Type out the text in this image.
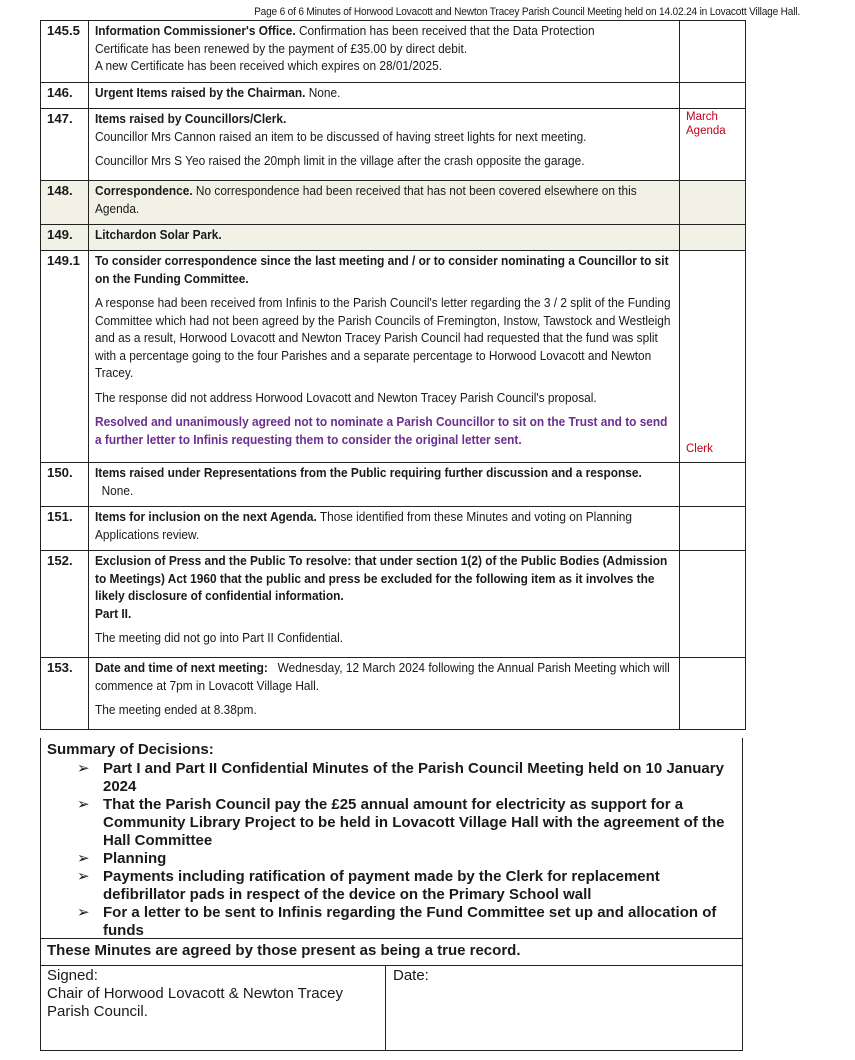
Page 6 of 6 Minutes of Horwood Lovacott and Newton Tracey Parish Council Meeting held on 14.02.24 in Lovacott Village Hall.
145.5	Information Commissioner's Office. Confirmation has been received that the Data Protection
Certificate has been renewed by the payment of £35.00 by direct debit.
A new Certificate has been received which expires on 28/01/2025.	
146.	Urgent Items raised by the Chairman. None.	
147.	Items raised by Councillors/Clerk.

Councillor Mrs Cannon raised an item to be discussed of having street lights for next meeting.

Councillor Mrs S Yeo raised the 20mph limit in the village after the crash opposite the garage.	March Agenda
148.	Correspondence. No correspondence had been received that has not been covered elsewhere on this Agenda.	
149.	Litchardon Solar Park.	
149.1	To consider correspondence since the last meeting and / or to consider nominating a Councillor to sit on the Funding Committee.

A response had been received from Infinis to the Parish Council's letter regarding the 3 / 2 split of the Funding Committee which had not been agreed by the Parish Councils of Fremington, Instow, Tawstock and Westleigh and as a result, Horwood Lovacott and Newton Tracey Parish Council had requested that the fund was split with a percentage going to the four Parishes and a separate percentage to Horwood Lovacott and Newton Tracey.

The response did not address Horwood Lovacott and Newton Tracey Parish Council's proposal.

Resolved and unanimously agreed not to nominate a Parish Councillor to sit on the Trust and to send a further letter to Infinis requesting them to consider the original letter sent.	Clerk
150.	Items raised under Representations from the Public requiring further discussion and a response.   None.	
151.	Items for inclusion on the next Agenda. Those identified from these Minutes and voting on Planning Applications review.	
152.	Exclusion of Press and the Public To resolve: that under section 1(2) of the Public Bodies (Admission to Meetings) Act 1960 that the public and press be excluded for the following item as it involves the likely disclosure of confidential information.
Part II.

The meeting did not go into Part II Confidential.	

153.	Date and time of next meeting: Wednesday, 12 March 2024 following the Annual Parish Meeting which will commence at 7pm in Lovacott Village Hall.

The meeting ended at 8.38pm.	

Summary of Decisions:
➢ Part I and Part II Confidential Minutes of the Parish Council Meeting held on 10 January 2024
➢ That the Parish Council pay the £25 annual amount for electricity as support for a Community Library Project to be held in Lovacott Village Hall with the agreement of the Hall Committee
➢ Planning
➢ Payments including ratification of payment made by the Clerk for replacement defibrillator pads in respect of the device on the Primary School wall
➢ For a letter to be sent to Infinis regarding the Fund Committee set up and allocation of funds
These Minutes are agreed by those present as being a true record.
Signed:
Chair of Horwood Lovacott & Newton Tracey
Parish Council.
Date:
